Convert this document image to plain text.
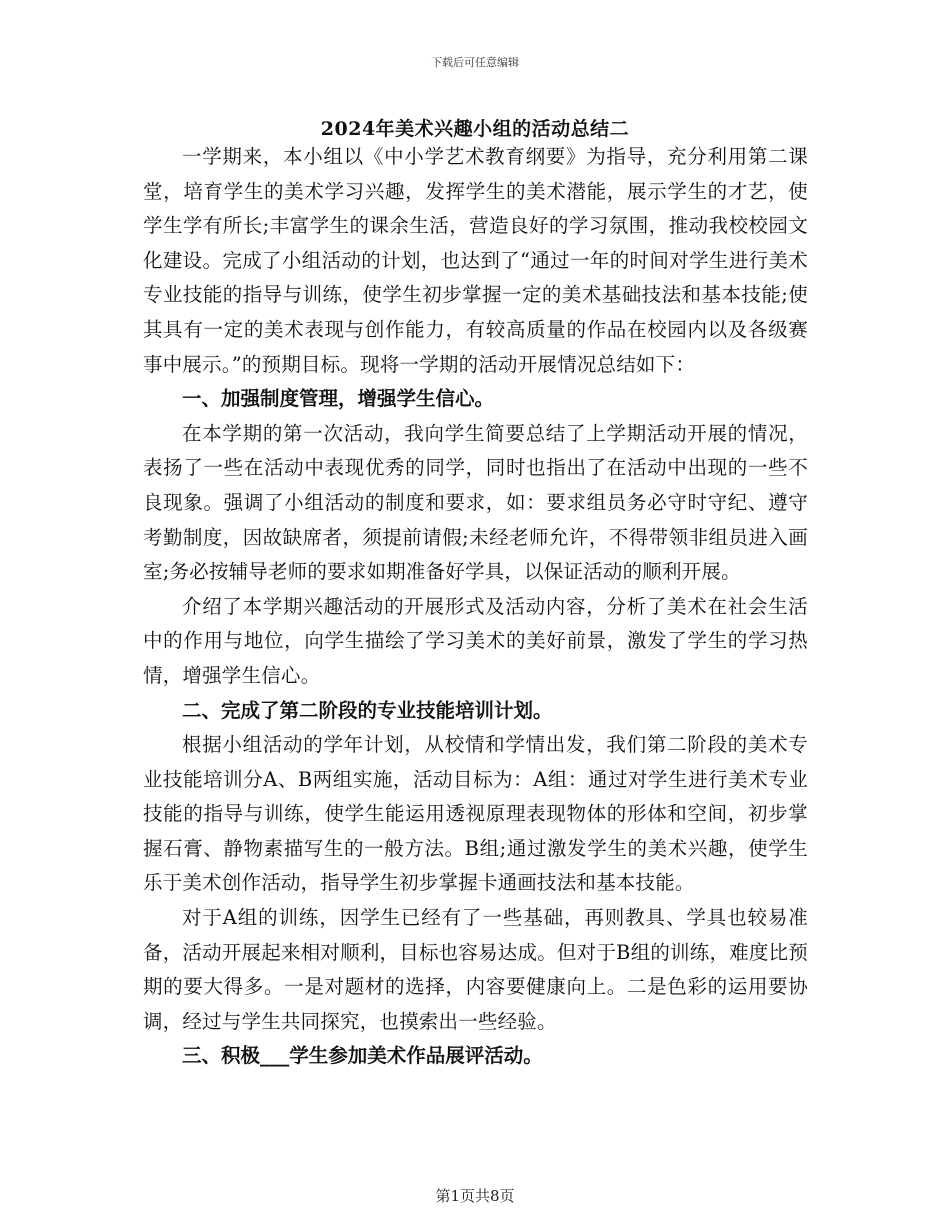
下载后可任意编辑
2024年美术兴趣小组的活动总结二

一学期来，本小组以《中小学艺术教育纲要》为指导，充分利用第二课堂，培育学生的美术学习兴趣，发挥学生的美术潜能，展示学生的才艺，使学生学有所长;丰富学生的课余生活，营造良好的学习氛围，推动我校校园文化建设。完成了小组活动的计划，也达到了“通过一年的时间对学生进行美术专业技能的指导与训练，使学生初步掌握一定的美术基础技法和基本技能;使其具有一定的美术表现与创作能力，有较高质量的作品在校园内以及各级赛事中展示。”的预期目标。现将一学期的活动开展情况总结如下：

一、加强制度管理，增强学生信心。

在本学期的第一次活动，我向学生简要总结了上学期活动开展的情况，表扬了一些在活动中表现优秀的同学，同时也指出了在活动中出现的一些不良现象。强调了小组活动的制度和要求，如：要求组员务必守时守纪、遵守考勤制度，因故缺席者，须提前请假;未经老师允许，不得带领非组员进入画室;务必按辅导老师的要求如期准备好学具，以保证活动的顺利开展。

介绍了本学期兴趣活动的开展形式及活动内容，分析了美术在社会生活中的作用与地位，向学生描绘了学习美术的美好前景，激发了学生的学习热情，增强学生信心。

二、完成了第二阶段的专业技能培训计划。

根据小组活动的学年计划，从校情和学情出发，我们第二阶段的美术专业技能培训分A、B两组实施，活动目标为：A组：通过对学生进行美术专业技能的指导与训练，使学生能运用透视原理表现物体的形体和空间，初步掌握石膏、静物素描写生的一般方法。B组;通过激发学生的美术兴趣，使学生乐于美术创作活动，指导学生初步掌握卡通画技法和基本技能。

对于A组的训练，因学生已经有了一些基础，再则教具、学具也较易准备，活动开展起来相对顺利，目标也容易达成。但对于B组的训练，难度比预期的要大得多。一是对题材的选择，内容要健康向上。二是色彩的运用要协调，经过与学生共同探究，也摸索出一些经验。

三、积极___学生参加美术作品展评活动。

第1页共8页
